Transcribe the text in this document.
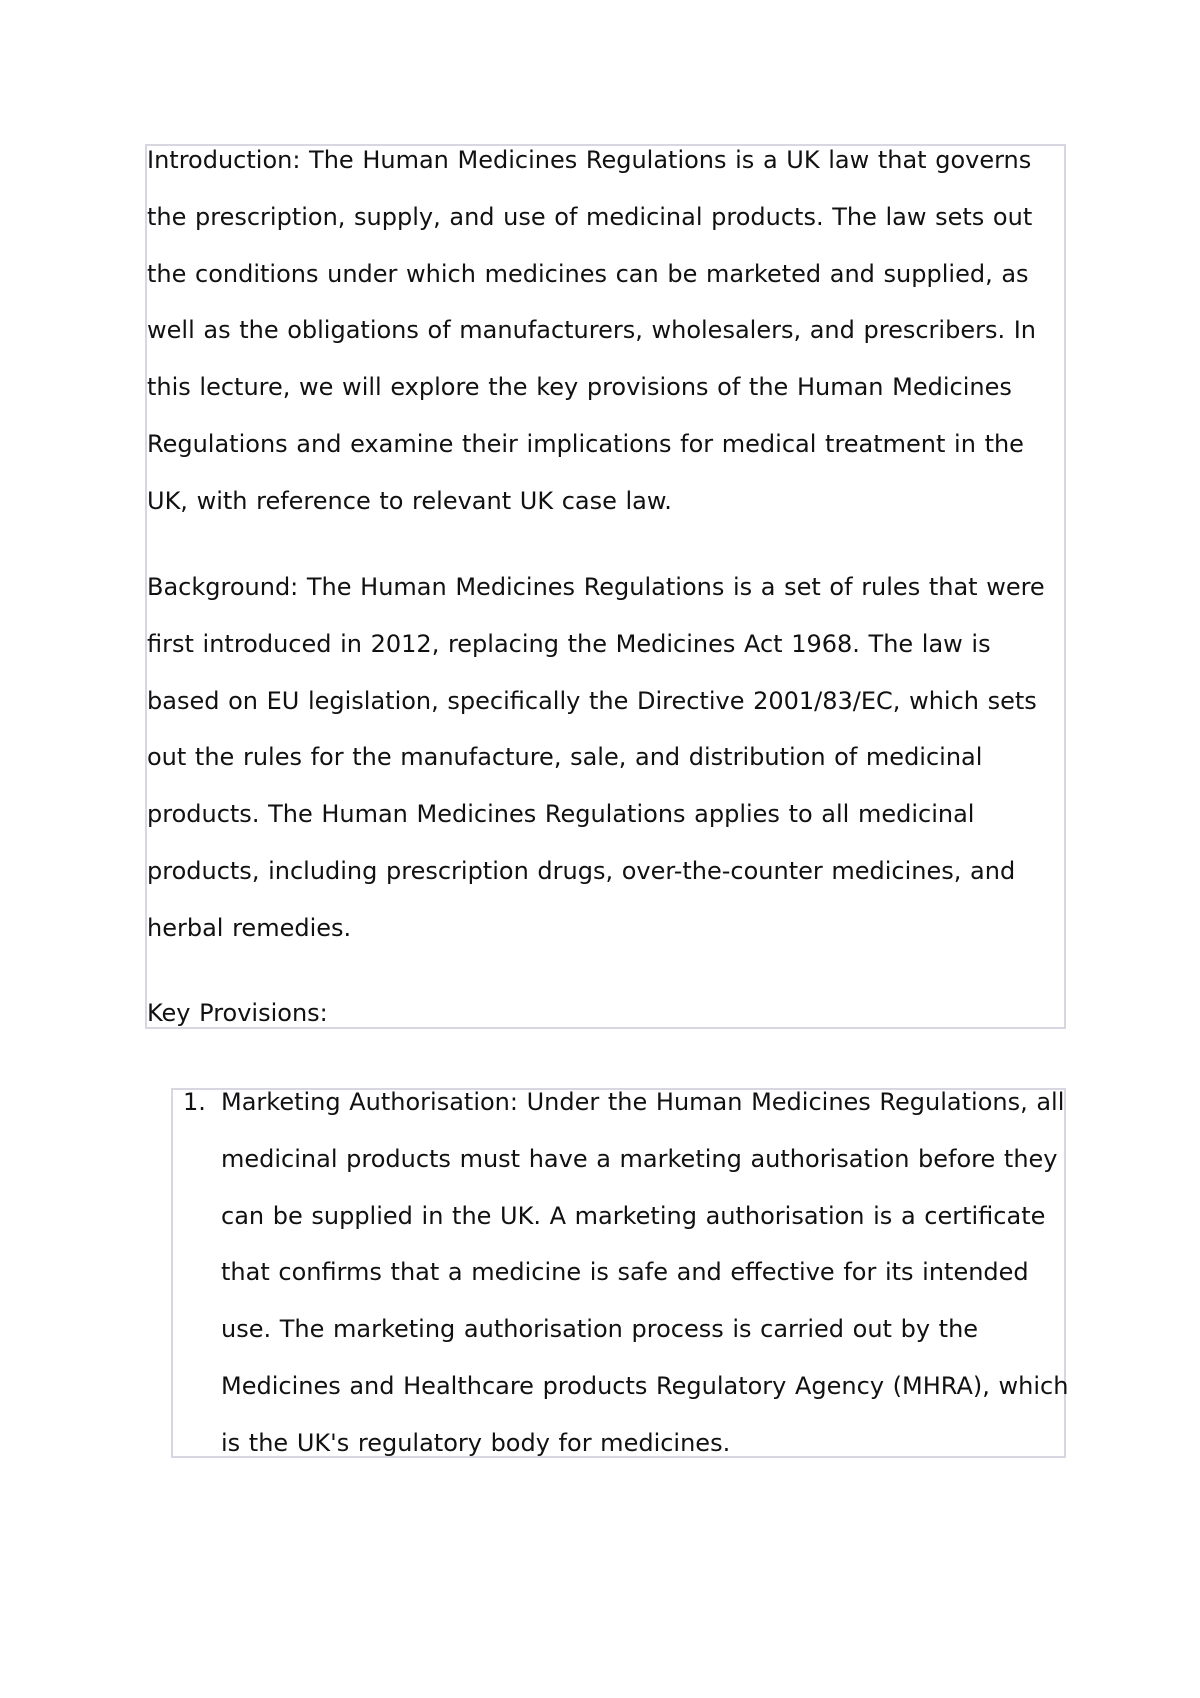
Introduction: The Human Medicines Regulations is a UK law that governs the prescription, supply, and use of medicinal products. The law sets out the conditions under which medicines can be marketed and supplied, as well as the obligations of manufacturers, wholesalers, and prescribers. In this lecture, we will explore the key provisions of the Human Medicines Regulations and examine their implications for medical treatment in the UK, with reference to relevant UK case law.

Background: The Human Medicines Regulations is a set of rules that were first introduced in 2012, replacing the Medicines Act 1968. The law is based on EU legislation, specifically the Directive 2001/83/EC, which sets out the rules for the manufacture, sale, and distribution of medicinal products. The Human Medicines Regulations applies to all medicinal products, including prescription drugs, over-the-counter medicines, and herbal remedies.

Key Provisions:

1. Marketing Authorisation: Under the Human Medicines Regulations, all medicinal products must have a marketing authorisation before they can be supplied in the UK. A marketing authorisation is a certificate that confirms that a medicine is safe and effective for its intended use. The marketing authorisation process is carried out by the Medicines and Healthcare products Regulatory Agency (MHRA), which is the UK's regulatory body for medicines.
